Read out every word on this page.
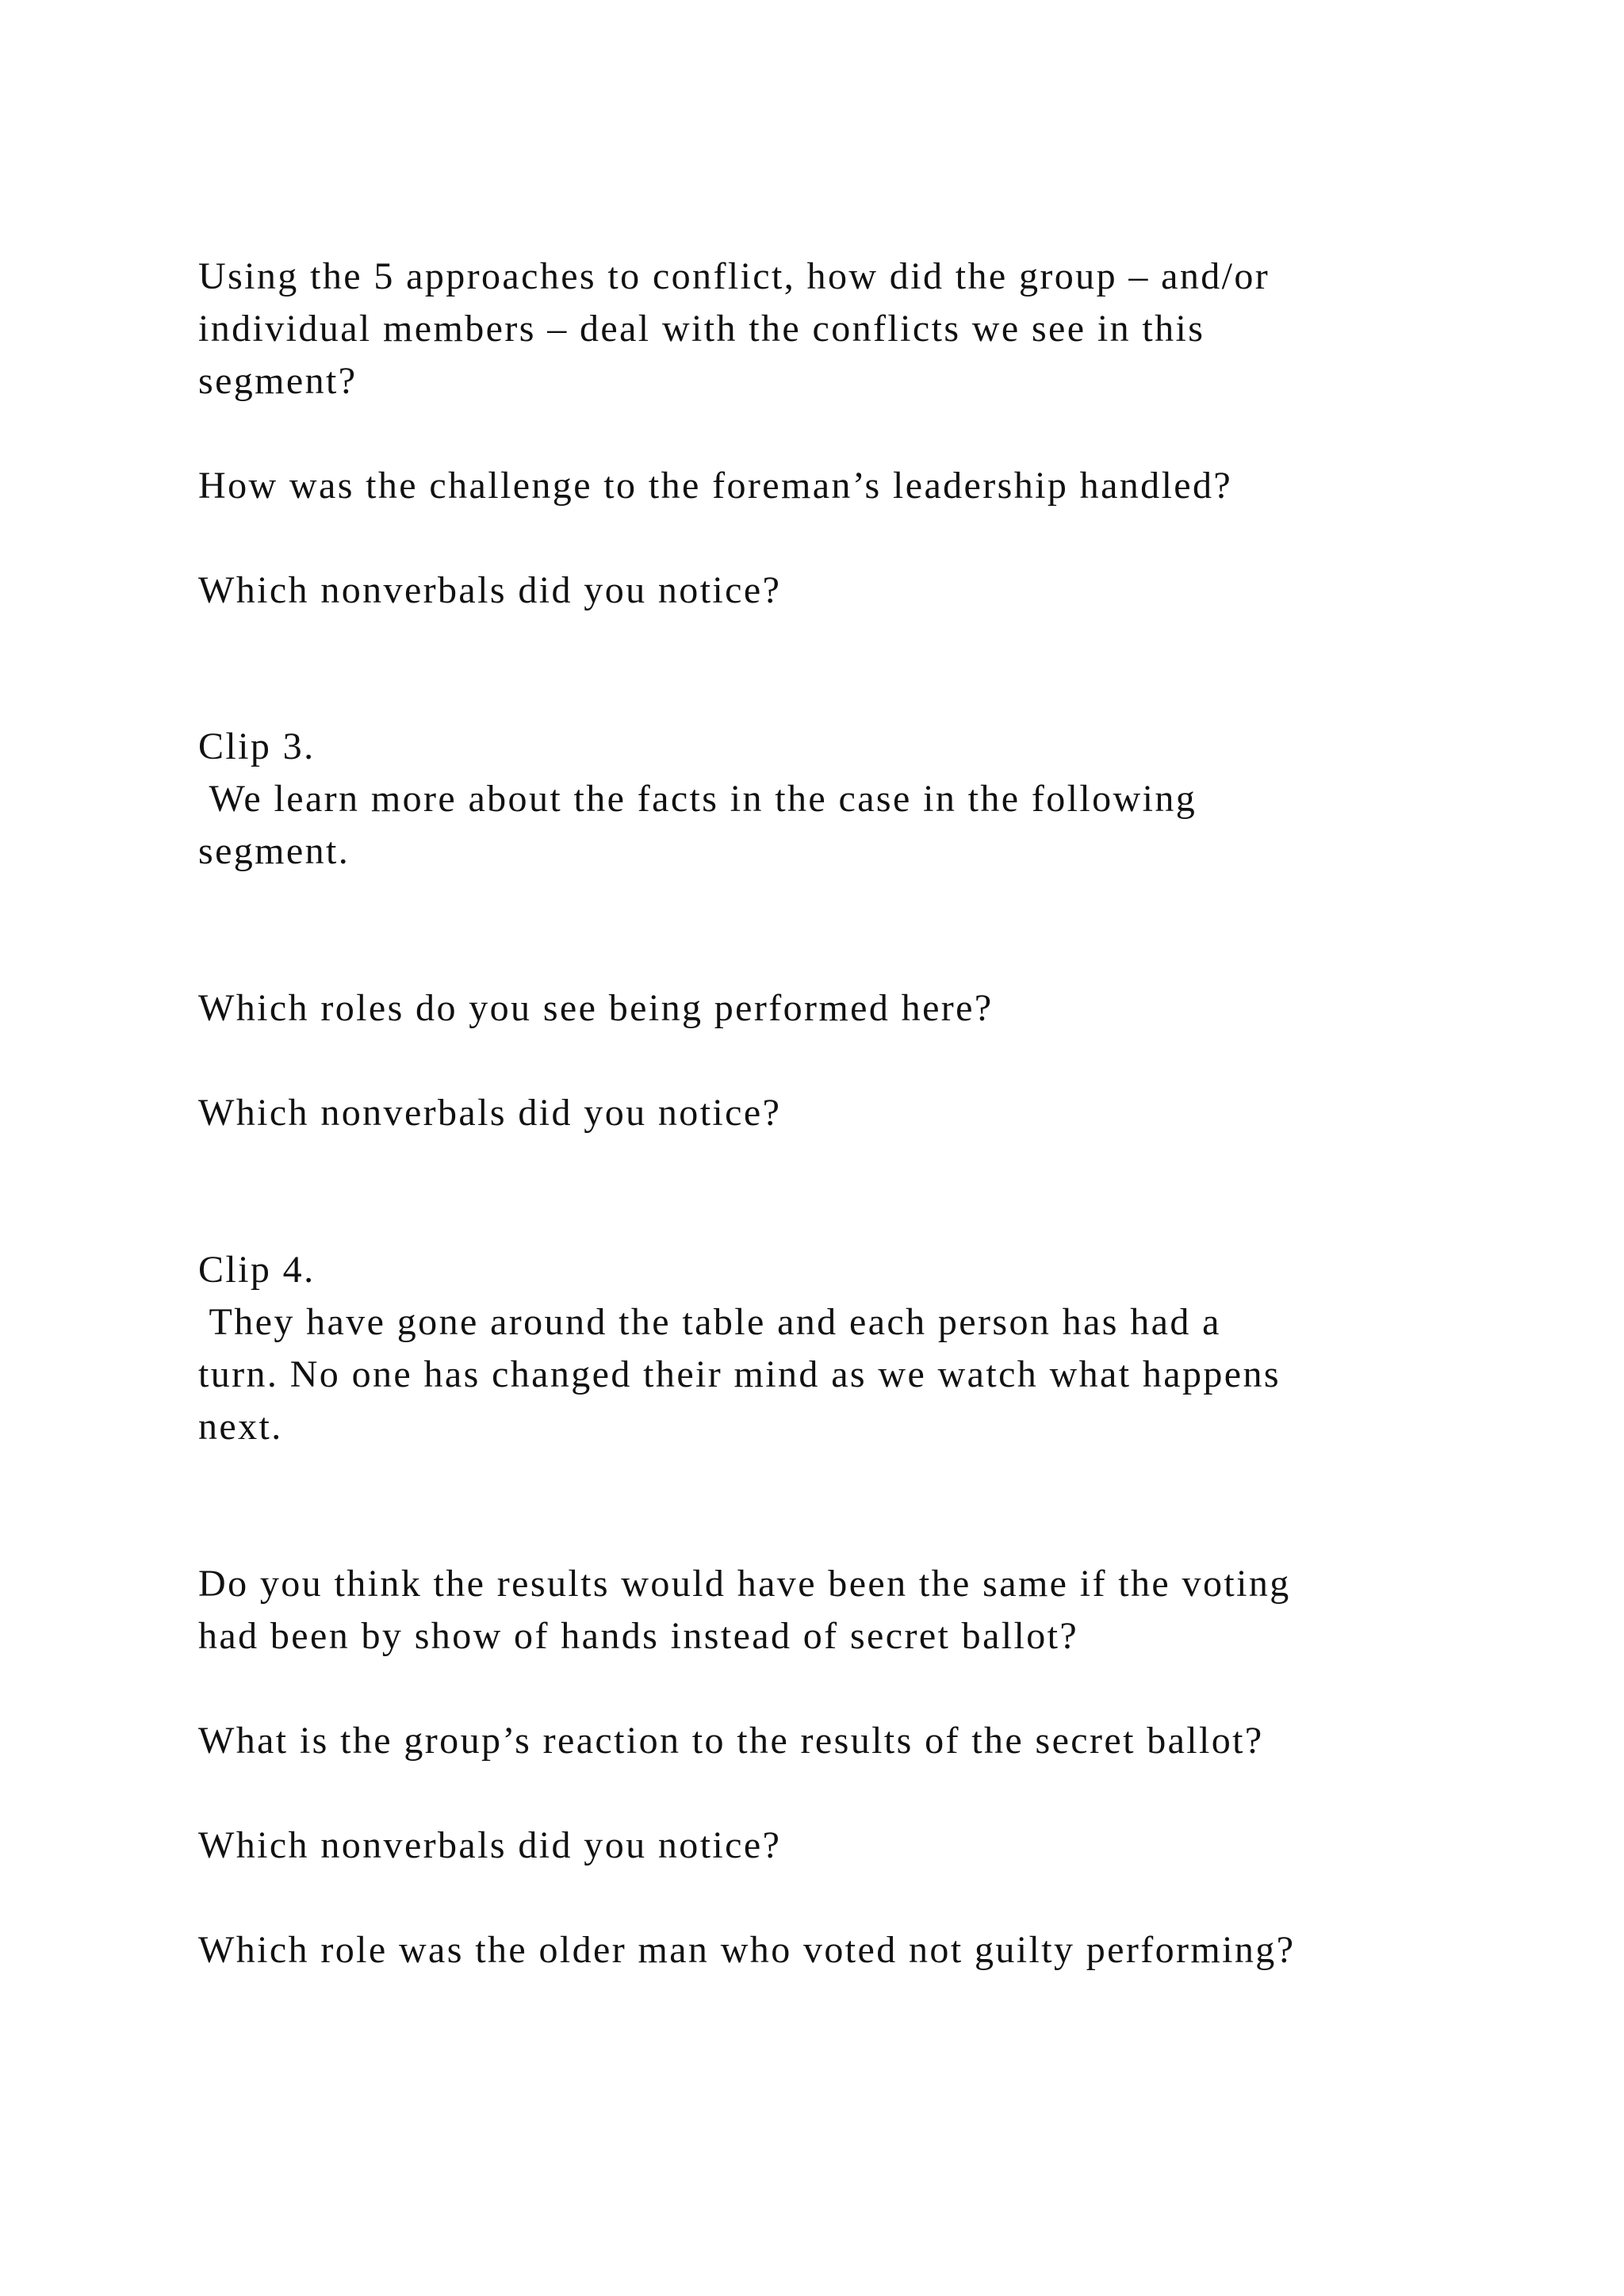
Using the 5 approaches to conflict, how did the group – and/or
individual members – deal with the conflicts we see in this
segment?
How was the challenge to the foreman’s leadership handled?
Which nonverbals did you notice?
Clip 3.
We learn more about the facts in the case in the following
segment.
Which roles do you see being performed here?
Which nonverbals did you notice?
Clip 4.
They have gone around the table and each person has had a
turn. No one has changed their mind as we watch what happens
next.
Do you think the results would have been the same if the voting
had been by show of hands instead of secret ballot?
What is the group’s reaction to the results of the secret ballot?
Which nonverbals did you notice?
Which role was the older man who voted not guilty performing?
